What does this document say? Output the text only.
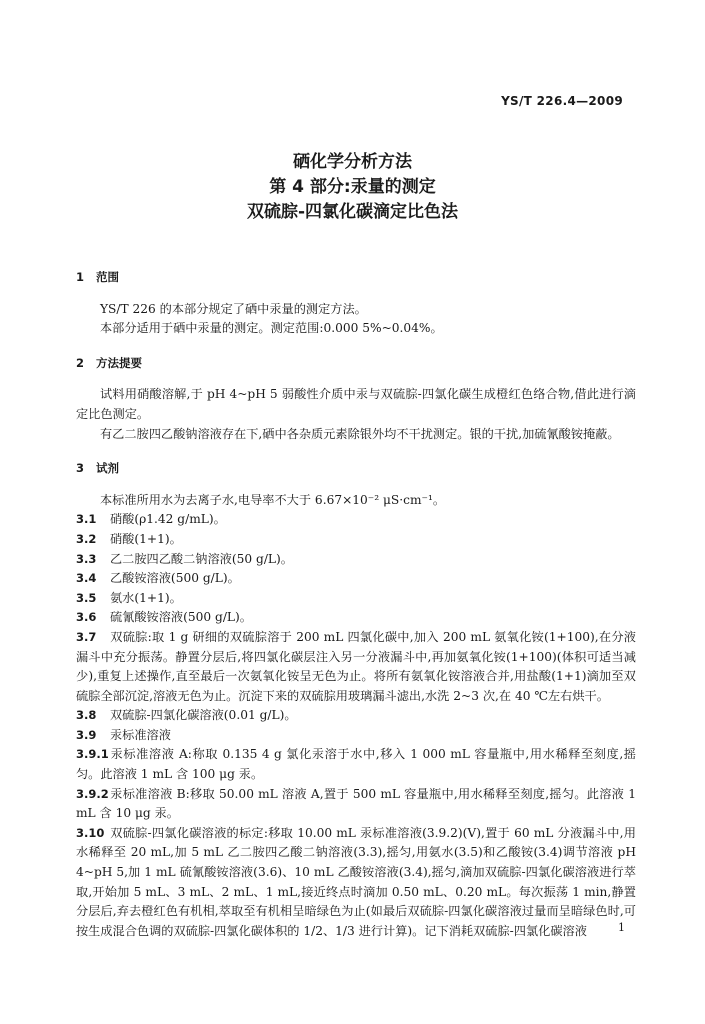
YS/T 226.4—2009
硒化学分析方法
第 4 部分:汞量的测定
双硫腙-四氯化碳滴定比色法
1 范围

YS/T 226 的本部分规定了硒中汞量的测定方法。

本部分适用于硒中汞量的测定。测定范围:0.000 5%~0.04%。

2 方法提要

试料用硝酸溶解,于 pH 4~pH 5 弱酸性介质中汞与双硫腙-四氯化碳生成橙红色络合物,借此进行滴定比色测定。

有乙二胺四乙酸钠溶液存在下,硒中各杂质元素除银外均不干扰测定。银的干扰,加硫氰酸铵掩蔽。

3 试剂

本标准所用水为去离子水,电导率不大于 6.67×10⁻² μS·cm⁻¹。

3.1 硝酸(ρ1.42 g/mL)。

3.2 硝酸(1+1)。

3.3 乙二胺四乙酸二钠溶液(50 g/L)。

3.4 乙酸铵溶液(500 g/L)。

3.5 氨水(1+1)。

3.6 硫氰酸铵溶液(500 g/L)。

3.7 双硫腙:取 1 g 研细的双硫腙溶于 200 mL 四氯化碳中,加入 200 mL 氨氧化铵(1+100),在分液漏斗中充分振荡。静置分层后,将四氯化碳层注入另一分液漏斗中,再加氨氧化铵(1+100)(体积可适当减少),重复上述操作,直至最后一次氨氧化铵呈无色为止。将所有氨氧化铵溶液合并,用盐酸(1+1)滴加至双硫腙全部沉淀,溶液无色为止。沉淀下来的双硫腙用玻璃漏斗滤出,水洗 2~3 次,在 40 ℃左右烘干。

3.8 双硫腙-四氯化碳溶液(0.01 g/L)。

3.9 汞标准溶液

3.9.1汞标准溶液 A:称取 0.135 4 g 氯化汞溶于水中,移入 1 000 mL 容量瓶中,用水稀释至刻度,摇匀。此溶液 1 mL 含 100 μg 汞。

3.9.2汞标准溶液 B:移取 50.00 mL 溶液 A,置于 500 mL 容量瓶中,用水稀释至刻度,摇匀。此溶液 1 mL 含 10 μg 汞。

3.10 双硫腙-四氯化碳溶液的标定:移取 10.00 mL 汞标准溶液(3.9.2)(V),置于 60 mL 分液漏斗中,用水稀释至 20 mL,加 5 mL 乙二胺四乙酸二钠溶液(3.3),摇匀,用氨水(3.5)和乙酸铵(3.4)调节溶液 pH 4~pH 5,加 1 mL 硫氰酸铵溶液(3.6)、10 mL 乙酸铵溶液(3.4),摇匀,滴加双硫腙-四氯化碳溶液进行萃取,开始加 5 mL、3 mL、2 mL、1 mL,接近终点时滴加 0.50 mL、0.20 mL。每次振荡 1 min,静置分层后,弃去橙红色有机相,萃取至有机相呈暗绿色为止(如最后双硫腙-四氯化碳溶液过量而呈暗绿色时,可按生成混合色调的双硫腙-四氯化碳体积的 1/2、1/3 进行计算)。记下消耗双硫腙-四氯化碳溶液	1
